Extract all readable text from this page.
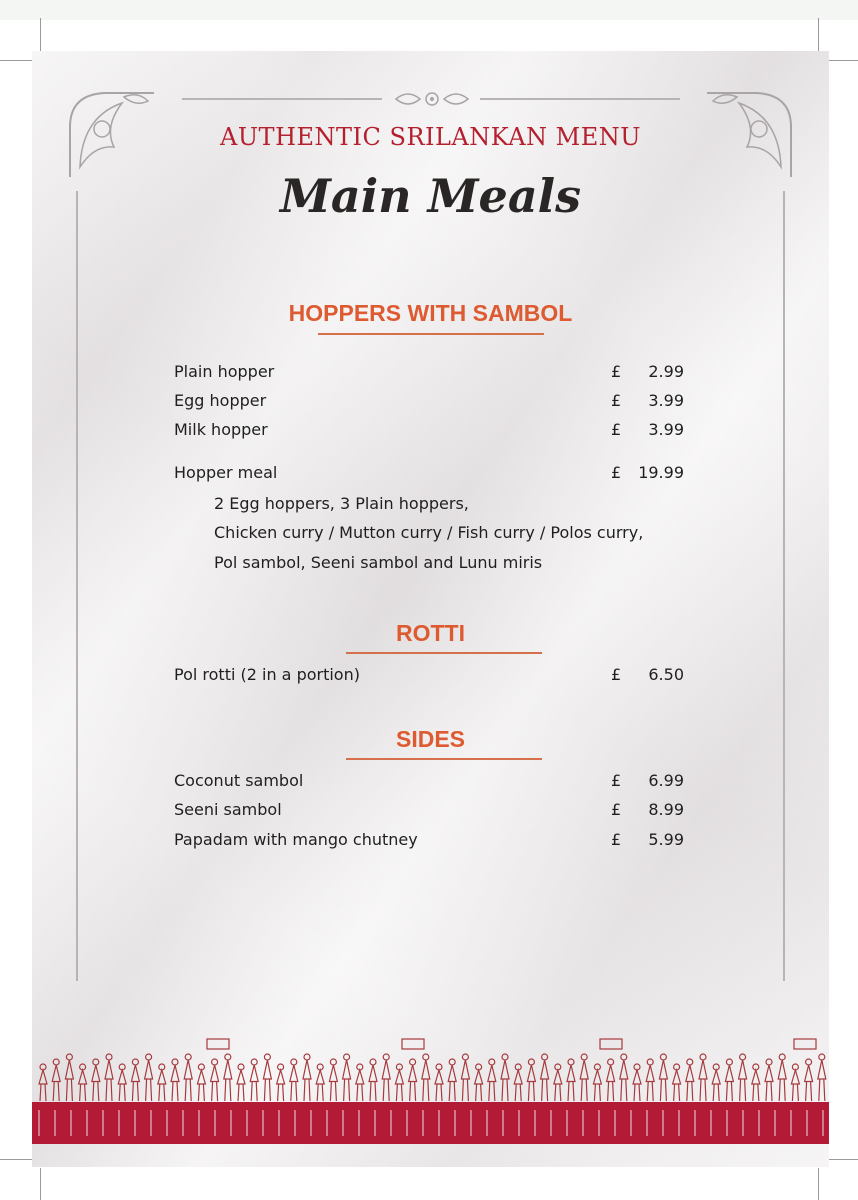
AUTHENTIC SRILANKAN MENU
Main Meals
HOPPERS WITH SAMBOL
Plain hopper	£ 2.99
Egg hopper	£ 3.99
Milk hopper	£ 3.99
Hopper meal	£ 19.99
2 Egg hoppers, 3 Plain hoppers,
Chicken curry / Mutton curry / Fish curry / Polos curry,
Pol sambol, Seeni sambol and Lunu miris
ROTTI
Pol rotti (2 in a portion)	£ 6.50
SIDES
Coconut sambol	£ 6.99
Seeni sambol	£ 8.99
Papadam with mango chutney	£ 5.99
